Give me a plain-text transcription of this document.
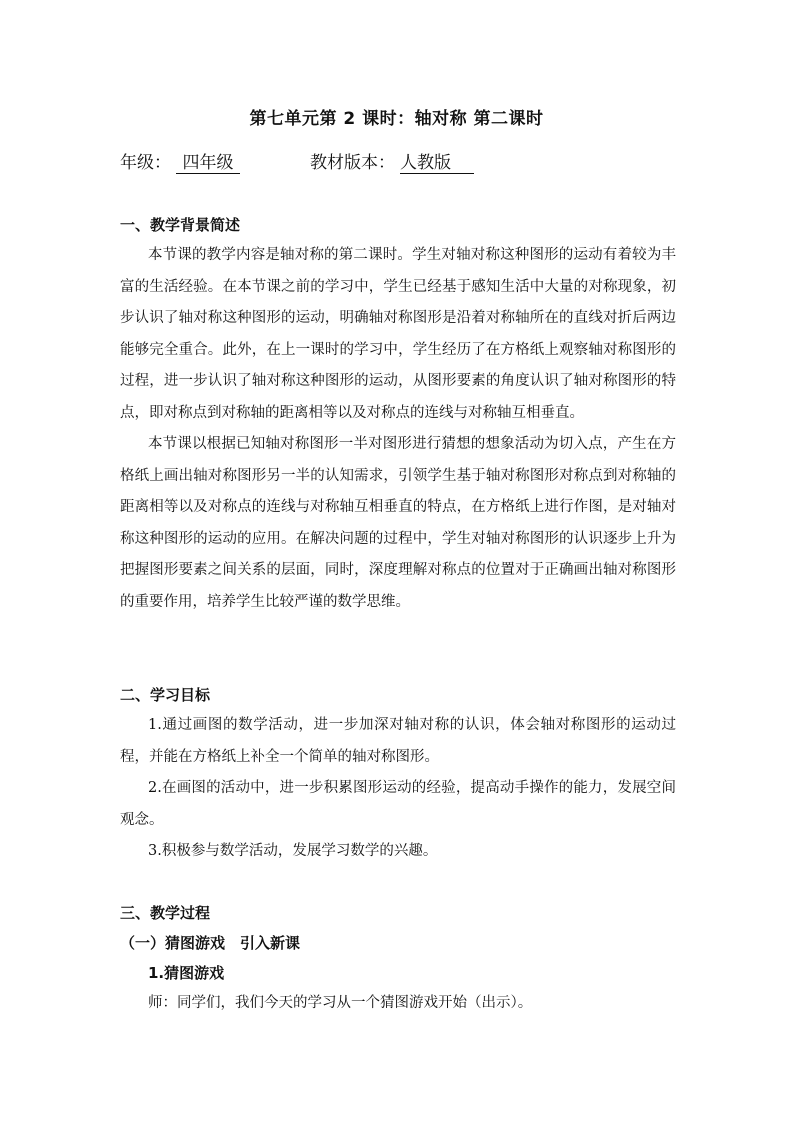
第七单元第 2 课时：轴对称 第二课时
年级： 四年级	教材版本： 人教版
一、教学背景简述

本节课的教学内容是轴对称的第二课时。学生对轴对称这种图形的运动有着较为丰富的生活经验。在本节课之前的学习中，学生已经基于感知生活中大量的对称现象，初步认识了轴对称这种图形的运动，明确轴对称图形是沿着对称轴所在的直线对折后两边能够完全重合。此外，在上一课时的学习中，学生经历了在方格纸上观察轴对称图形的过程，进一步认识了轴对称这种图形的运动，从图形要素的角度认识了轴对称图形的特点，即对称点到对称轴的距离相等以及对称点的连线与对称轴互相垂直。

本节课以根据已知轴对称图形一半对图形进行猜想的想象活动为切入点，产生在方格纸上画出轴对称图形另一半的认知需求，引领学生基于轴对称图形对称点到对称轴的距离相等以及对称点的连线与对称轴互相垂直的特点，在方格纸上进行作图，是对轴对称这种图形的运动的应用。在解决问题的过程中，学生对轴对称图形的认识逐步上升为把握图形要素之间关系的层面，同时，深度理解对称点的位置对于正确画出轴对称图形的重要作用，培养学生比较严谨的数学思维。

二、学习目标

1.通过画图的数学活动，进一步加深对轴对称的认识，体会轴对称图形的运动过程，并能在方格纸上补全一个简单的轴对称图形。

2.在画图的活动中，进一步积累图形运动的经验，提高动手操作的能力，发展空间观念。

3.积极参与数学活动，发展学习数学的兴趣。

三、教学过程
（一）猜图游戏　引入新课
1.猜图游戏

师：同学们，我们今天的学习从一个猜图游戏开始（出示）。
